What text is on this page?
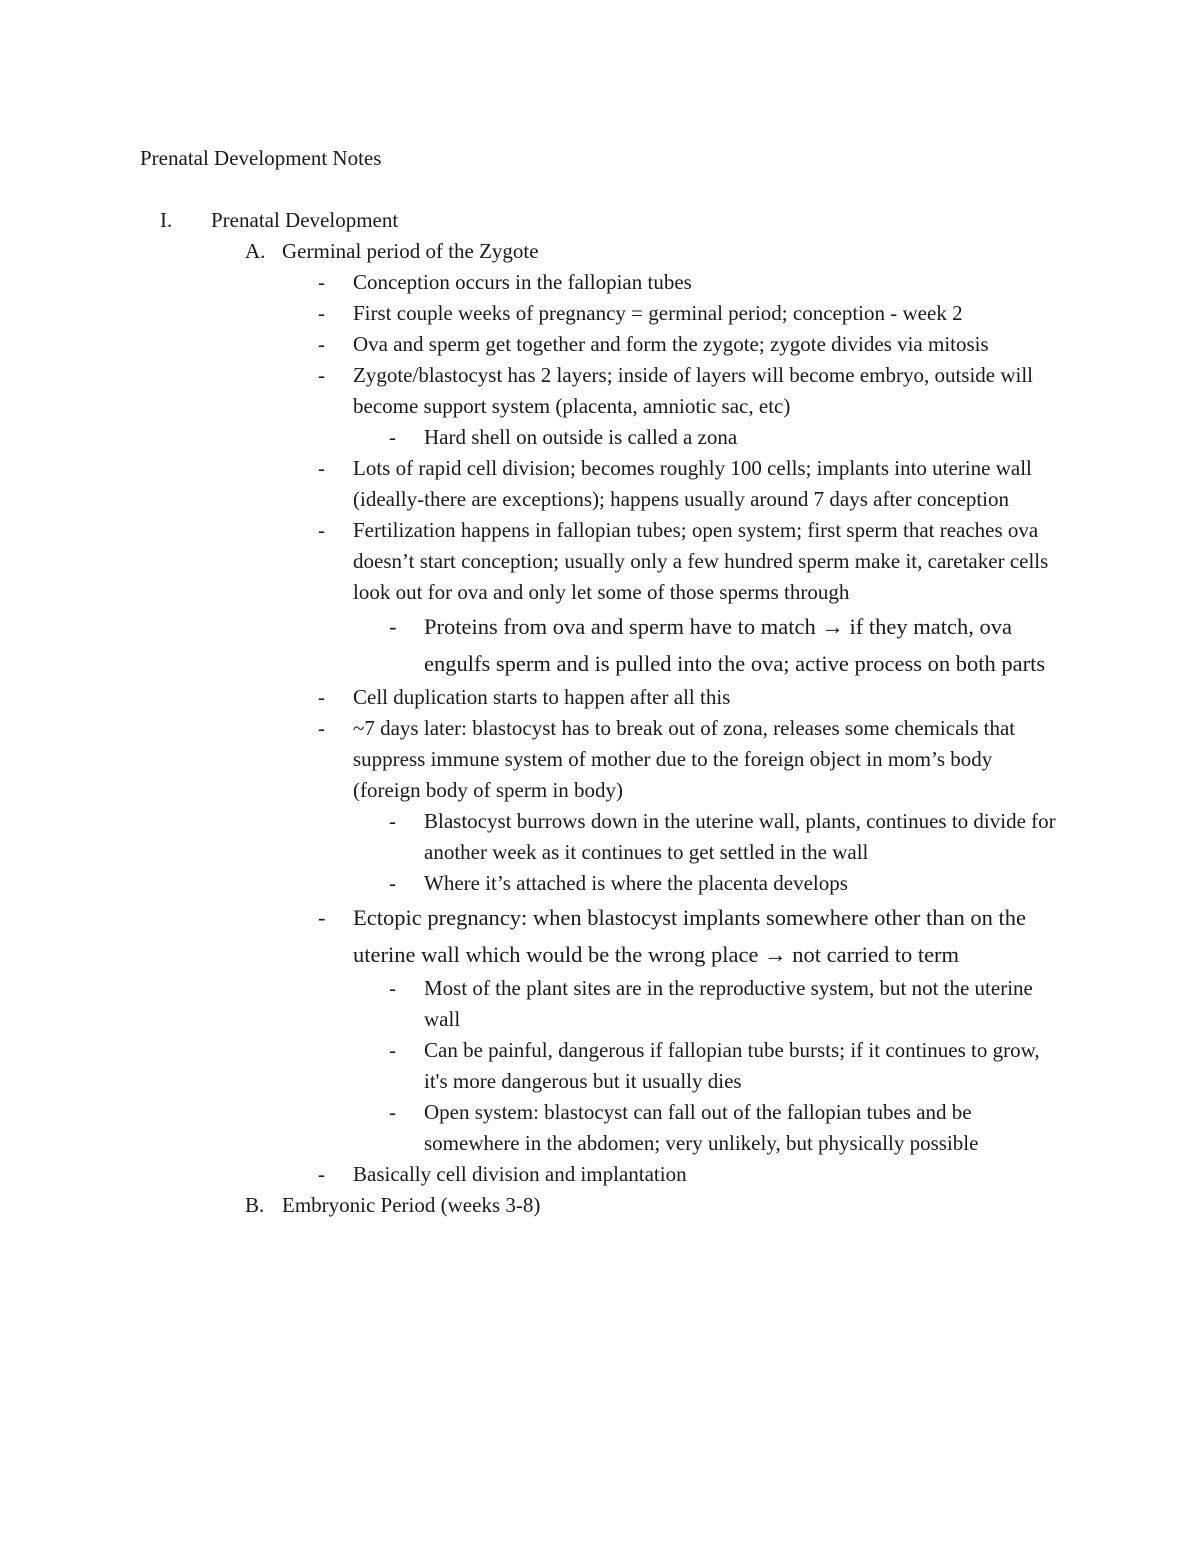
Prenatal Development Notes
I. Prenatal Development
A. Germinal period of the Zygote
- Conception occurs in the fallopian tubes
- First couple weeks of pregnancy = germinal period; conception - week 2
- Ova and sperm get together and form the zygote; zygote divides via mitosis
- Zygote/blastocyst has 2 layers; inside of layers will become embryo, outside will become support system (placenta, amniotic sac, etc)
- Hard shell on outside is called a zona
- Lots of rapid cell division; becomes roughly 100 cells; implants into uterine wall (ideally-there are exceptions); happens usually around 7 days after conception
- Fertilization happens in fallopian tubes; open system; first sperm that reaches ova doesn’t start conception; usually only a few hundred sperm make it, caretaker cells look out for ova and only let some of those sperms through
- Proteins from ova and sperm have to match → if they match, ova engulfs sperm and is pulled into the ova; active process on both parts
- Cell duplication starts to happen after all this
- ~7 days later: blastocyst has to break out of zona, releases some chemicals that suppress immune system of mother due to the foreign object in mom’s body (foreign body of sperm in body)
- Blastocyst burrows down in the uterine wall, plants, continues to divide for another week as it continues to get settled in the wall
- Where it’s attached is where the placenta develops
- Ectopic pregnancy: when blastocyst implants somewhere other than on the uterine wall which would be the wrong place → not carried to term
- Most of the plant sites are in the reproductive system, but not the uterine wall
- Can be painful, dangerous if fallopian tube bursts; if it continues to grow, it's more dangerous but it usually dies
- Open system: blastocyst can fall out of the fallopian tubes and be somewhere in the abdomen; very unlikely, but physically possible
- Basically cell division and implantation
B. Embryonic Period (weeks 3-8)
